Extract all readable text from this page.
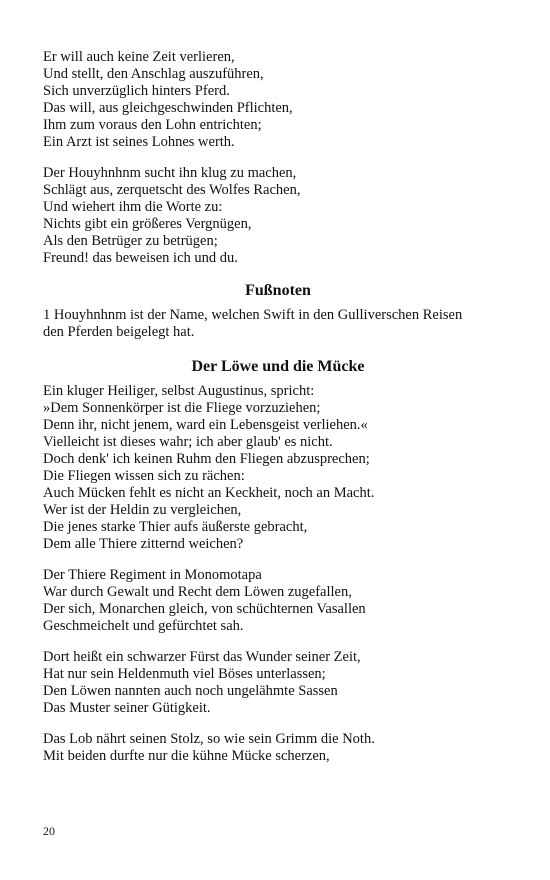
Er will auch keine Zeit verlieren,
Und stellt, den Anschlag auszuführen,
Sich unverzüglich hinters Pferd.
Das will, aus gleichgeschwinden Pflichten,
Ihm zum voraus den Lohn entrichten;
Ein Arzt ist seines Lohnes werth.
Der Houyhnhnm sucht ihn klug zu machen,
Schlägt aus, zerquetscht des Wolfes Rachen,
Und wiehert ihm die Worte zu:
Nichts gibt ein größeres Vergnügen,
Als den Betrüger zu betrügen;
Freund! das beweisen ich und du.
Fußnoten
1 Houyhnhnm ist der Name, welchen Swift in den Gulliverschen Reisen
den Pferden beigelegt hat.
Der Löwe und die Mücke
Ein kluger Heiliger, selbst Augustinus, spricht:
»Dem Sonnenkörper ist die Fliege vorzuziehen;
Denn ihr, nicht jenem, ward ein Lebensgeist verliehen.«
Vielleicht ist dieses wahr; ich aber glaub' es nicht.
Doch denk' ich keinen Ruhm den Fliegen abzusprechen;
Die Fliegen wissen sich zu rächen:
Auch Mücken fehlt es nicht an Keckheit, noch an Macht.
Wer ist der Heldin zu vergleichen,
Die jenes starke Thier aufs äußerste gebracht,
Dem alle Thiere zitternd weichen?
Der Thiere Regiment in Monomotapa
War durch Gewalt und Recht dem Löwen zugefallen,
Der sich, Monarchen gleich, von schüchternen Vasallen
Geschmeichelt und gefürchtet sah.
Dort heißt ein schwarzer Fürst das Wunder seiner Zeit,
Hat nur sein Heldenmuth viel Böses unterlassen;
Den Löwen nannten auch noch ungelähmte Sassen
Das Muster seiner Gütigkeit.
Das Lob nährt seinen Stolz, so wie sein Grimm die Noth.
Mit beiden durfte nur die kühne Mücke scherzen,
20
